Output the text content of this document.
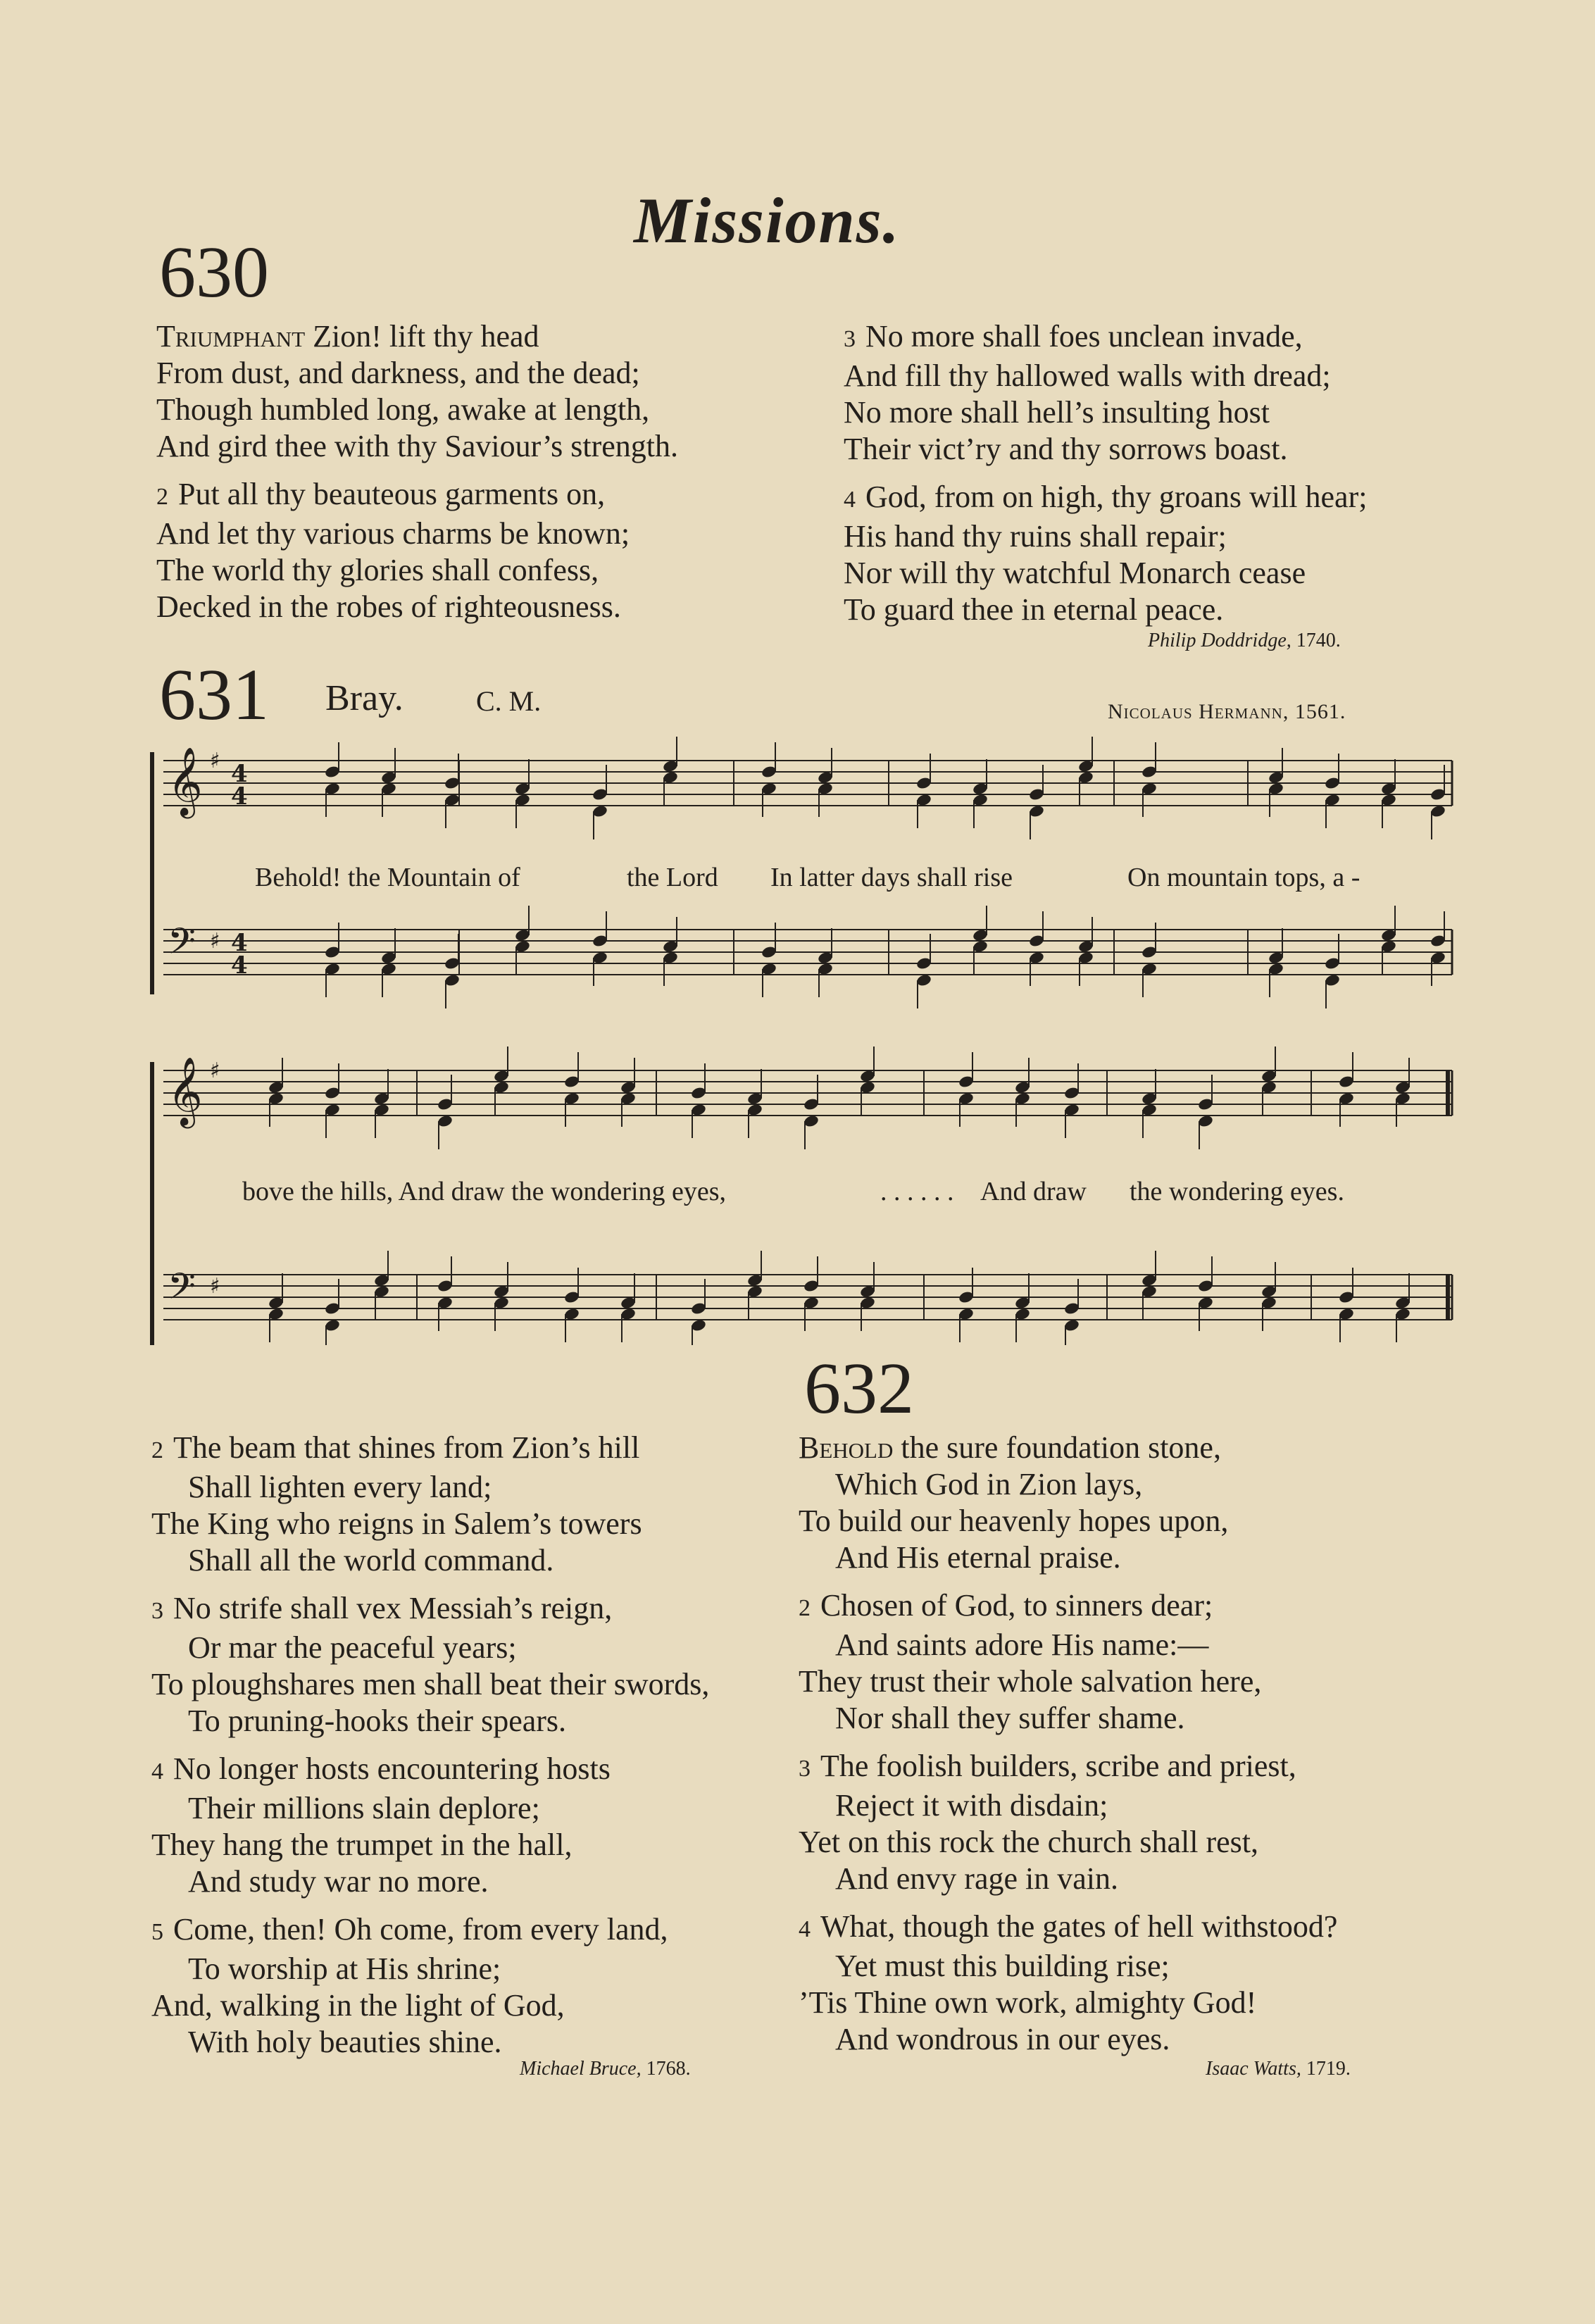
Missions.
630
Triumphant Zion! lift thy head
From dust, and darkness, and the dead;
Though humbled long, awake at length,
And gird thee with thy Saviour’s strength.
2 Put all thy beauteous garments on,
And let thy various charms be known;
The world thy glories shall confess,
Decked in the robes of righteousness.
3 No more shall foes unclean invade,
And fill thy hallowed walls with dread;
No more shall hell’s insulting host
Their vict’ry and thy sorrows boast.
4 God, from on high, thy groans will hear;
His hand thy ruins shall repair;
Nor will thy watchful Monarch cease
To guard thee in eternal peace.
Philip Doddridge, 1740.
631 Bray.	C. M.	Nicolaus Hermann, 1561.
𝄞 ♯ 4
4
𝄢 ♯ 4
4
Behold! the Mountain of	the Lord In latter days shall rise	On mountain tops, a -
𝄞 ♯
𝄢 ♯
bove the hills, And draw the wondering eyes,	. . . . . . And draw the wondering eyes.
632
2 The beam that shines from Zion’s hill
Shall lighten every land;
The King who reigns in Salem’s towers
Shall all the world command.
3 No strife shall vex Messiah’s reign,
Or mar the peaceful years;
To ploughshares men shall beat their swords,
To pruning-hooks their spears.
4 No longer hosts encountering hosts
Their millions slain deplore;
They hang the trumpet in the hall,
And study war no more.
5 Come, then! Oh come, from every land,
To worship at His shrine;
And, walking in the light of God,
With holy beauties shine.
Michael Bruce, 1768.
Behold the sure foundation stone,
Which God in Zion lays,
To build our heavenly hopes upon,
And His eternal praise.
2 Chosen of God, to sinners dear;
And saints adore His name:—
They trust their whole salvation here,
Nor shall they suffer shame.
3 The foolish builders, scribe and priest,
Reject it with disdain;
Yet on this rock the church shall rest,
And envy rage in vain.
4 What, though the gates of hell withstood?
Yet must this building rise;
’Tis Thine own work, almighty God!
And wondrous in our eyes.
Isaac Watts, 1719.
